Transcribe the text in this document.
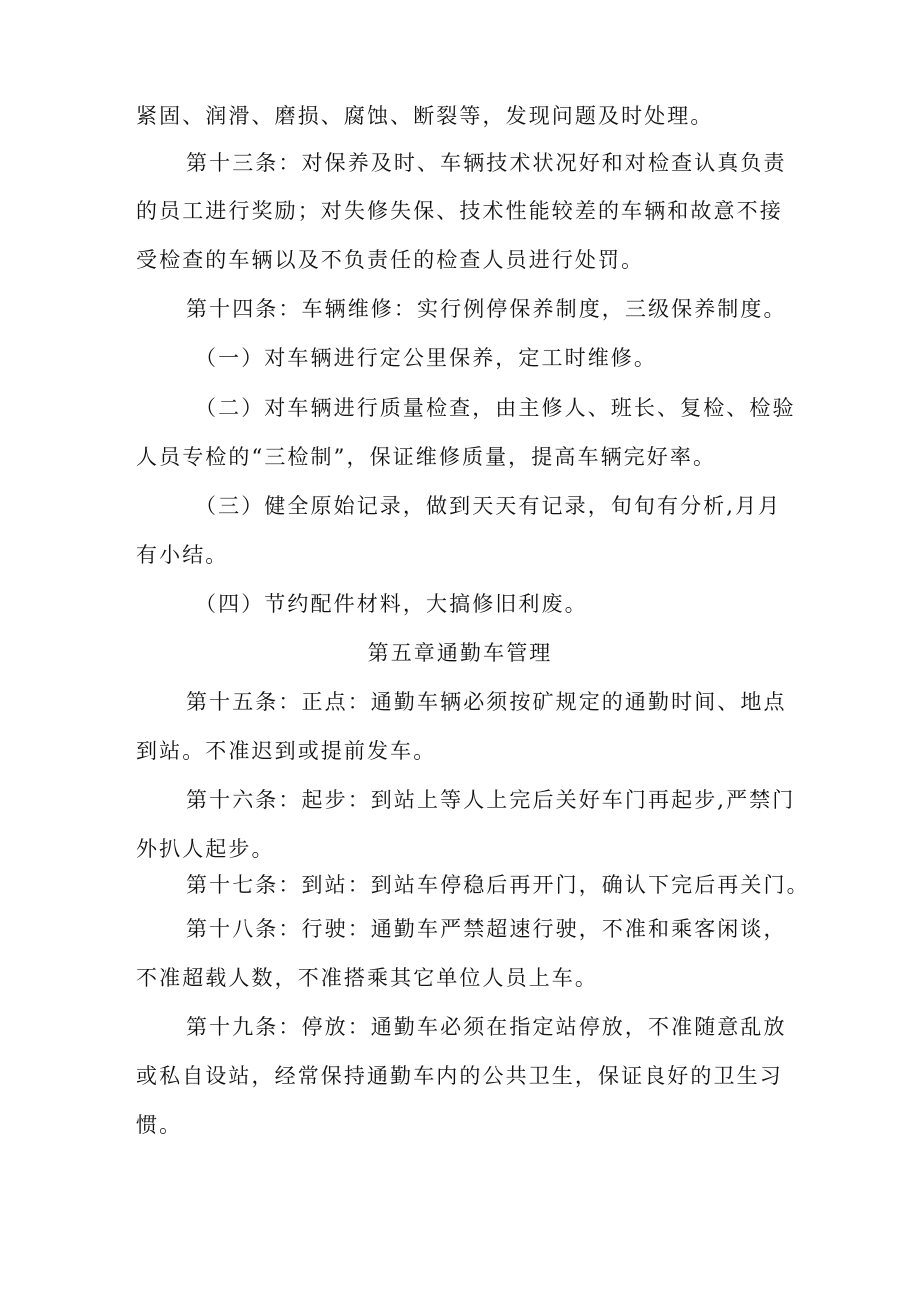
紧固、润滑、磨损、腐蚀、断裂等，发现问题及时处理。
第十三条：对保养及时、车辆技术状况好和对检查认真负责
的员工进行奖励；对失修失保、技术性能较差的车辆和故意不接
受检查的车辆以及不负责任的检查人员进行处罚。
第十四条：车辆维修：实行例停保养制度，三级保养制度。
（一）对车辆进行定公里保养，定工时维修。
（二）对车辆进行质量检查，由主修人、班长、复检、检验
人员专检的“三检制”，保证维修质量，提高车辆完好率。
（三）健全原始记录，做到天天有记录，旬旬有分析,月月
有小结。
（四）节约配件材料，大搞修旧利废。
第五章通勤车管理
第十五条：正点：通勤车辆必须按矿规定的通勤时间、地点
到站。不准迟到或提前发车。
第十六条：起步：到站上等人上完后关好车门再起步,严禁门
外扒人起步。
第十七条：到站：到站车停稳后再开门，确认下完后再关门。
第十八条：行驶：通勤车严禁超速行驶，不准和乘客闲谈，
不准超载人数，不准搭乘其它单位人员上车。
第十九条：停放：通勤车必须在指定站停放，不准随意乱放
或私自设站，经常保持通勤车内的公共卫生，保证良好的卫生习
惯。
